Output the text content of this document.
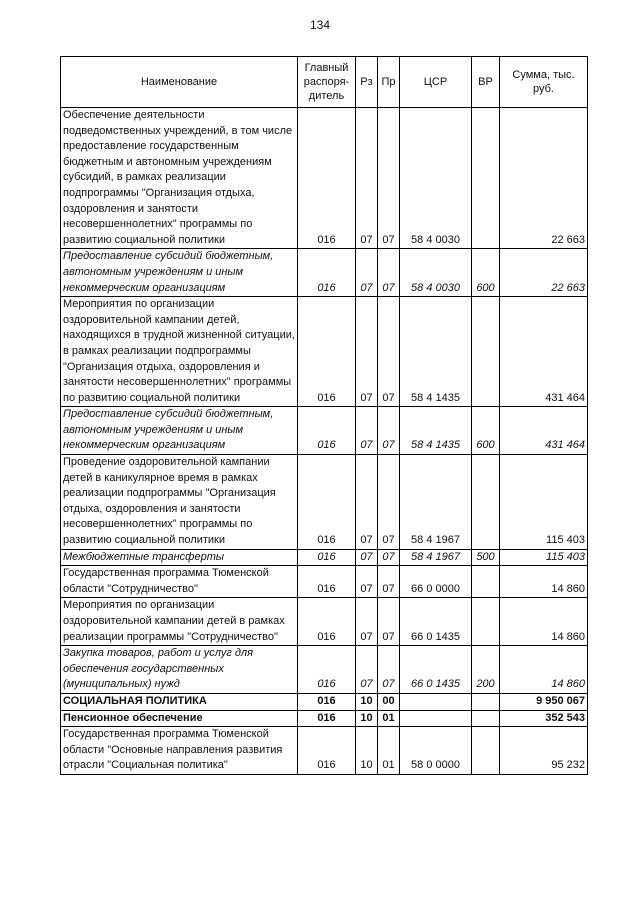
134
Наименование	Главный распоря-дитель	Рз	Пр	ЦСР	ВР	Сумма, тыс. руб.
Обеспечение деятельности подведомственных учреждений, в том числе предоставление государственным бюджетным и автономным учреждениям субсидий, в рамках реализации подпрограммы "Организация отдыха, оздоровления и занятости несовершеннолетних" программы по развитию социальной политики	016	07	07	58 4 0030		22 663
Предоставление субсидий бюджетным, автономным учреждениям и иным некоммерческим организациям	016	07	07	58 4 0030	600	22 663
Мероприятия по организации оздоровительной кампании детей, находящихся в трудной жизненной ситуации, в рамках реализации подпрограммы "Организация отдыха, оздоровления и занятости несовершеннолетних" программы по развитию социальной политики	016	07	07	58 4 1435		431 464
Предоставление субсидий бюджетным, автономным учреждениям и иным некоммерческим организациям	016	07	07	58 4 1435	600	431 464
Проведение оздоровительной кампании детей в каникулярное время в рамках реализации подпрограммы "Организация отдыха, оздоровления и занятости несовершеннолетних" программы по развитию социальной политики	016	07	07	58 4 1967		115 403
Межбюджетные трансферты	016	07	07	58 4 1967	500	115 403
Государственная программа Тюменской области "Сотрудничество"	016	07	07	66 0 0000		14 860
Мероприятия по организации оздоровительной кампании детей в рамках реализации программы "Сотрудничество"	016	07	07	66 0 1435		14 860
Закупка товаров, работ и услуг для обеспечения государственных (муниципальных) нужд	016	07	07	66 0 1435	200	14 860
СОЦИАЛЬНАЯ ПОЛИТИКА	016	10	00			9 950 067
Пенсионное обеспечение	016	10	01			352 543
Государственная программа Тюменской области "Основные направления развития отрасли "Социальная политика"	016	10	01	58 0 0000		95 232
